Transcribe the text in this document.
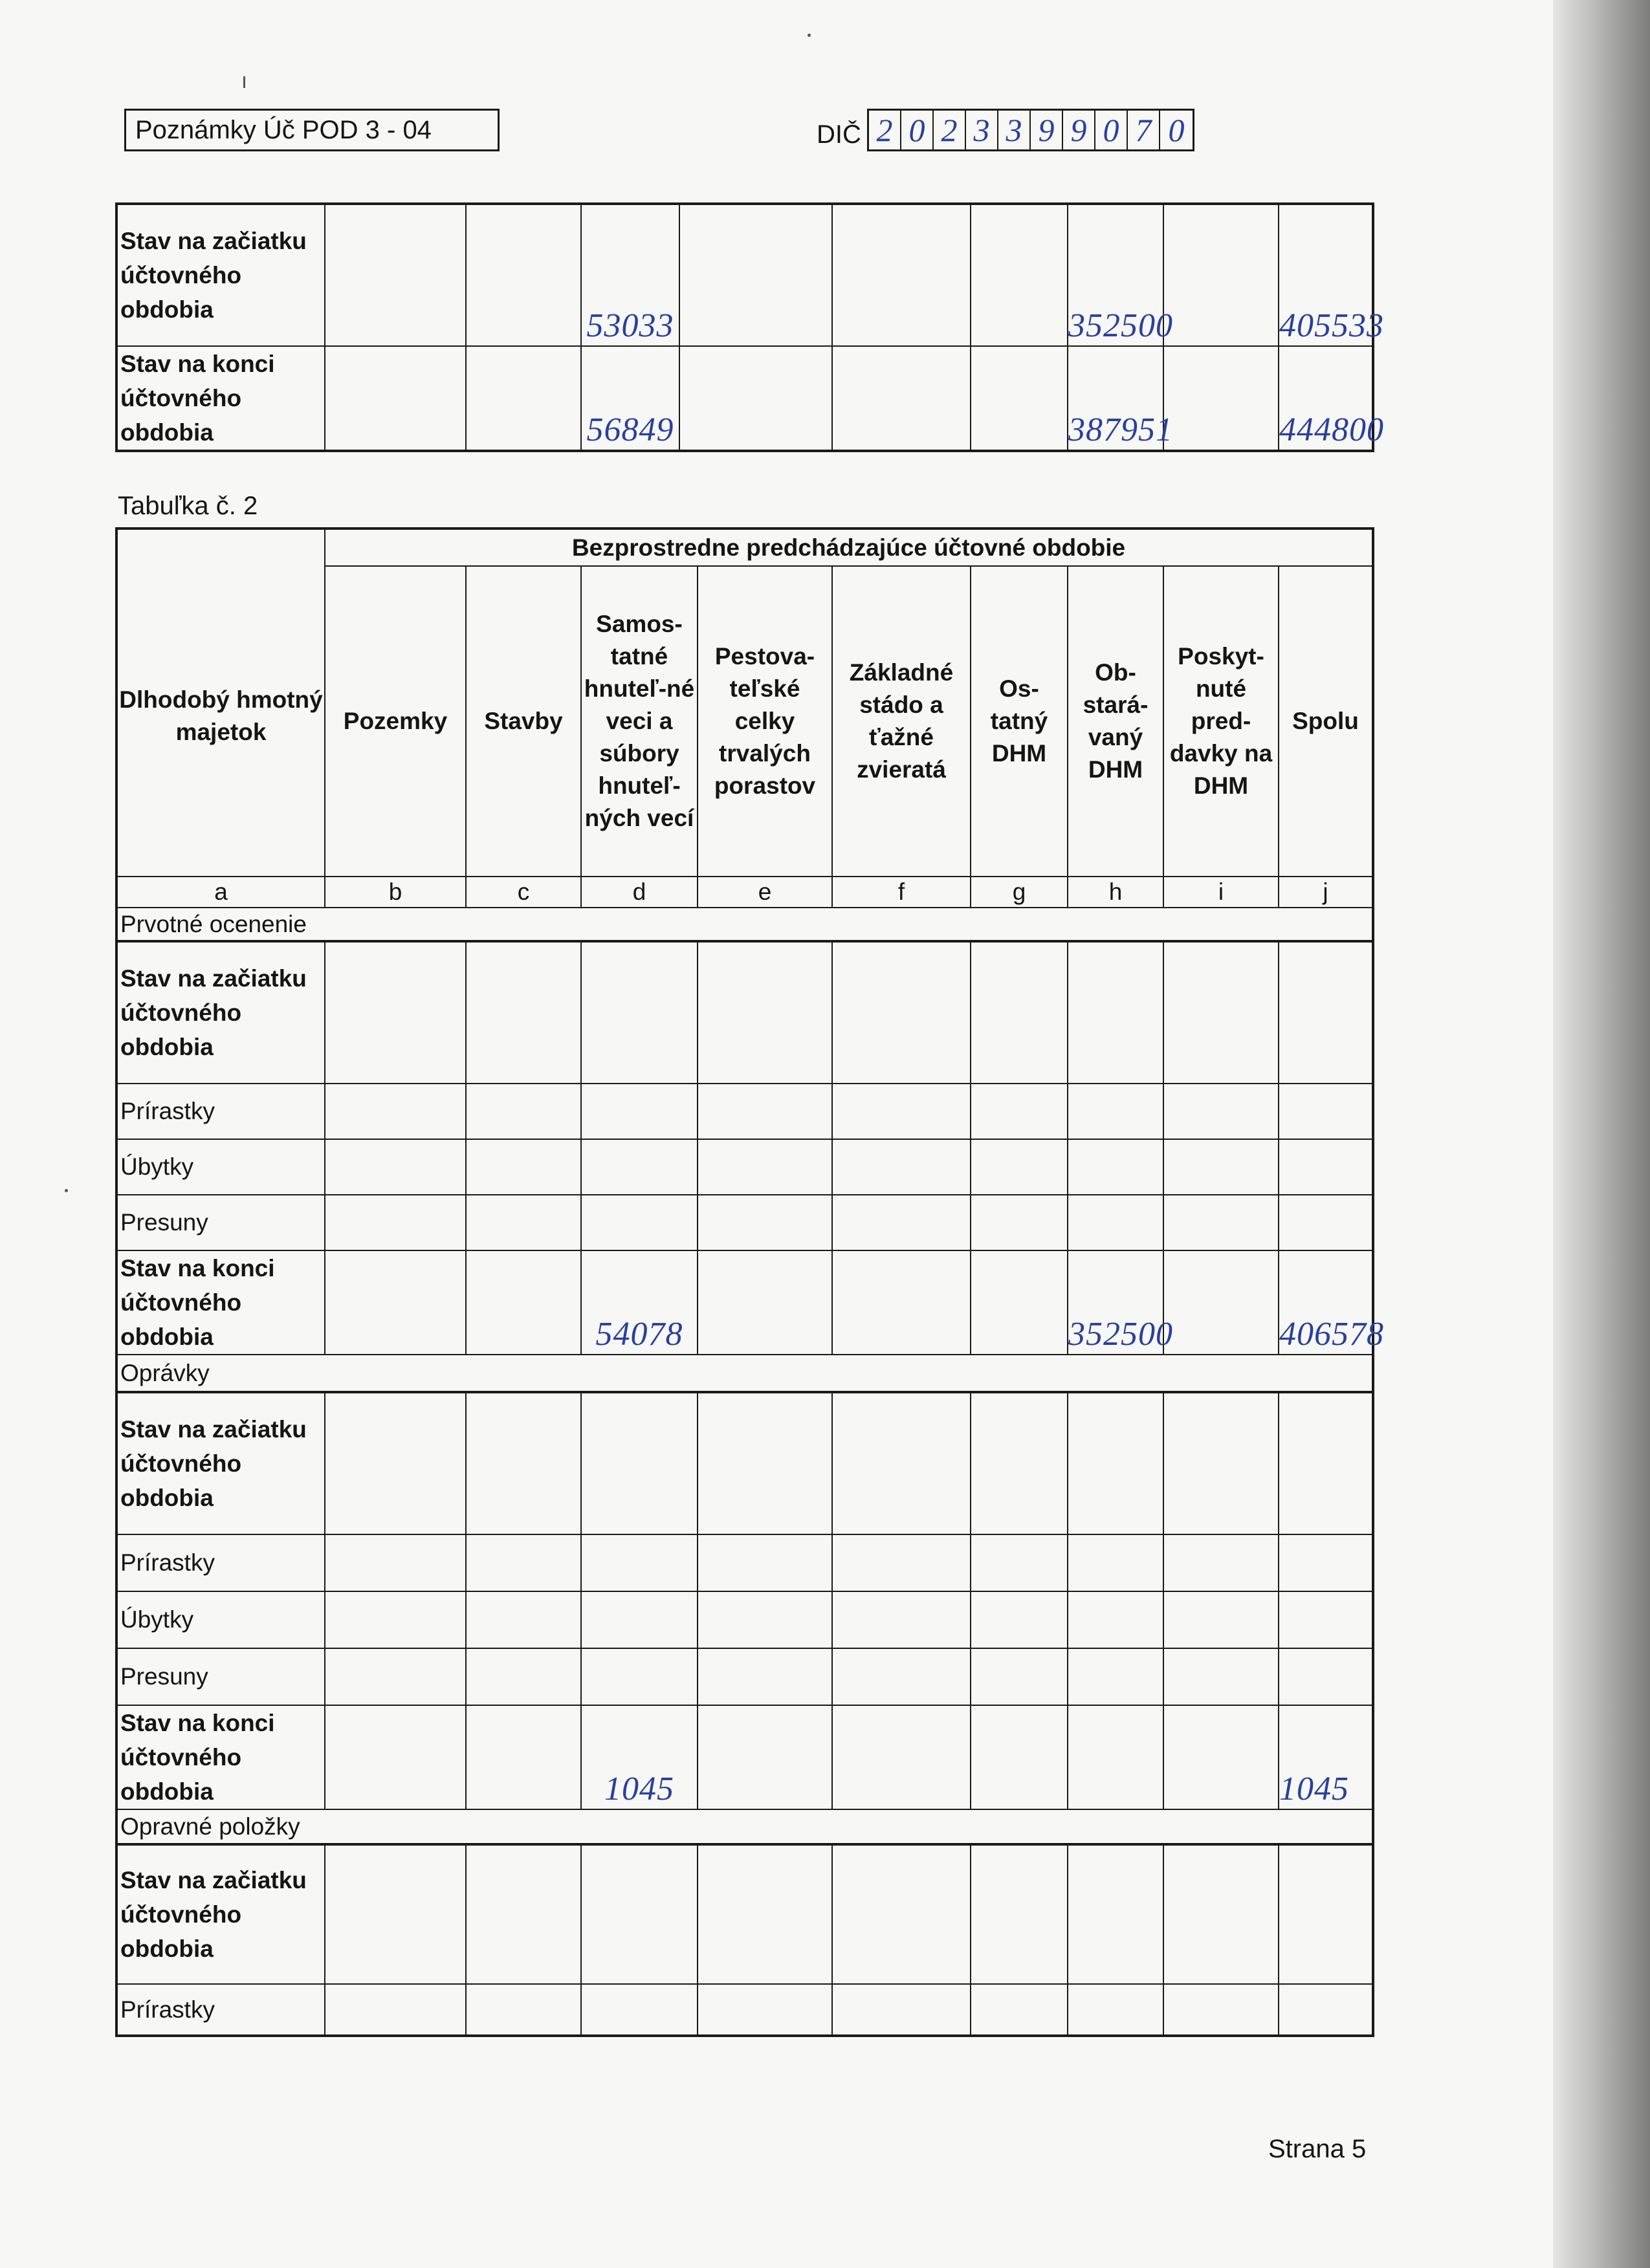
Poznámky Úč POD 3 - 04	DIČ 2 0 2 3 3 9 9 0 7 0
Stav na začiatku účtovného obdobia			53033				352500		405533
Stav na konci účtovného obdobia			56849				387951		444800
Tabuľka č. 2
Dlhodobý hmotný majetok	Bezprostredne predchádzajúce účtovné obdobie								
	Pozemky	Stavby	Samos-tatné hnuteľ-né veci a súbory hnuteľ-ných vecí	Pestova-teľské celky trvalých porastov	Základné stádo a ťažné zvieratá	Os-tatný DHM	Ob-stará-vaný DHM	Poskyt-nuté pred-davky na DHM	Spolu
a	b	c	d	e	f	g	h	i	j
Prvotné ocenenie									
Stav na začiatku účtovného obdobia									
Prírastky									
Úbytky									
Presuny									
Stav na konci účtovného obdobia			54078				352500		406578
Oprávky									
Stav na začiatku účtovného obdobia									
Prírastky									
Úbytky									
Presuny									
Stav na konci účtovného obdobia			1045						1045
Opravné položky									
Stav na začiatku účtovného obdobia									
Prírastky									
Strana 5
